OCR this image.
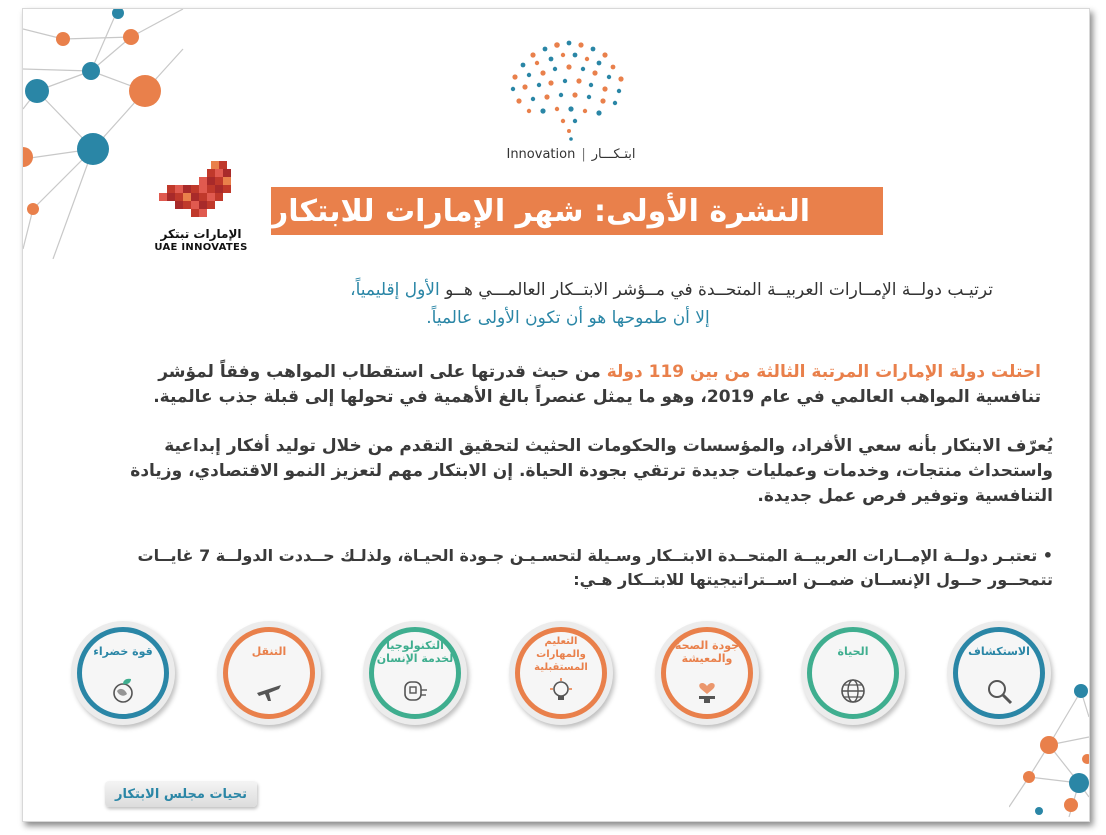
Innovation | ابتـكـــار
الإمارات تبتكر
UAE INNOVATES
النشرة الأولى: شهر الإمارات للابتكار
ترتيـب دولــة الإمــارات العربيــة المتحــدة في مــؤشر الابتــكار العالمـــي هــو الأول إقليمياً،
إلا أن طموحها هو أن تكون الأولى عالمياً.
احتلت دولة الإمارات المرتبة الثالثة من بين 119 دولة من حيث قدرتها على استقطاب المواهب وفقاً لمؤشر تنافسية المواهب العالمي في عام 2019، وهو ما يمثل عنصراً بالغ الأهمية في تحولها إلى قبلة جذب عالمية.
يُعرّف الابتكار بأنه سعي الأفراد، والمؤسسات والحكومات الحثيث لتحقيق التقدم من خلال توليد أفكار إبداعية واستحداث منتجات، وخدمات وعمليات جديدة ترتقي بجودة الحياة. إن الابتكار مهم لتعزيز النمو الاقتصادي، وزيادة التنافسية وتوفير فرص عمل جديدة.
• تعتبـر دولــة الإمــارات العربيــة المتحــدة الابتــكار وسـيلة لتحسـيـن جـودة الحيـاة، ولذلـك حــددت الدولــة 7 غايــات تتمحــور حــول الإنســان ضمــن اســتراتيجيتها للابتــكار هـي:
الاستكشاف
الحياة
جودة الصحة والمعيشة
التعليم والمهارات المستقبلية
التكنولوجيا لخدمة الإنسان
التنقل
قوة خضراء
تحيات مجلس الابتكار
